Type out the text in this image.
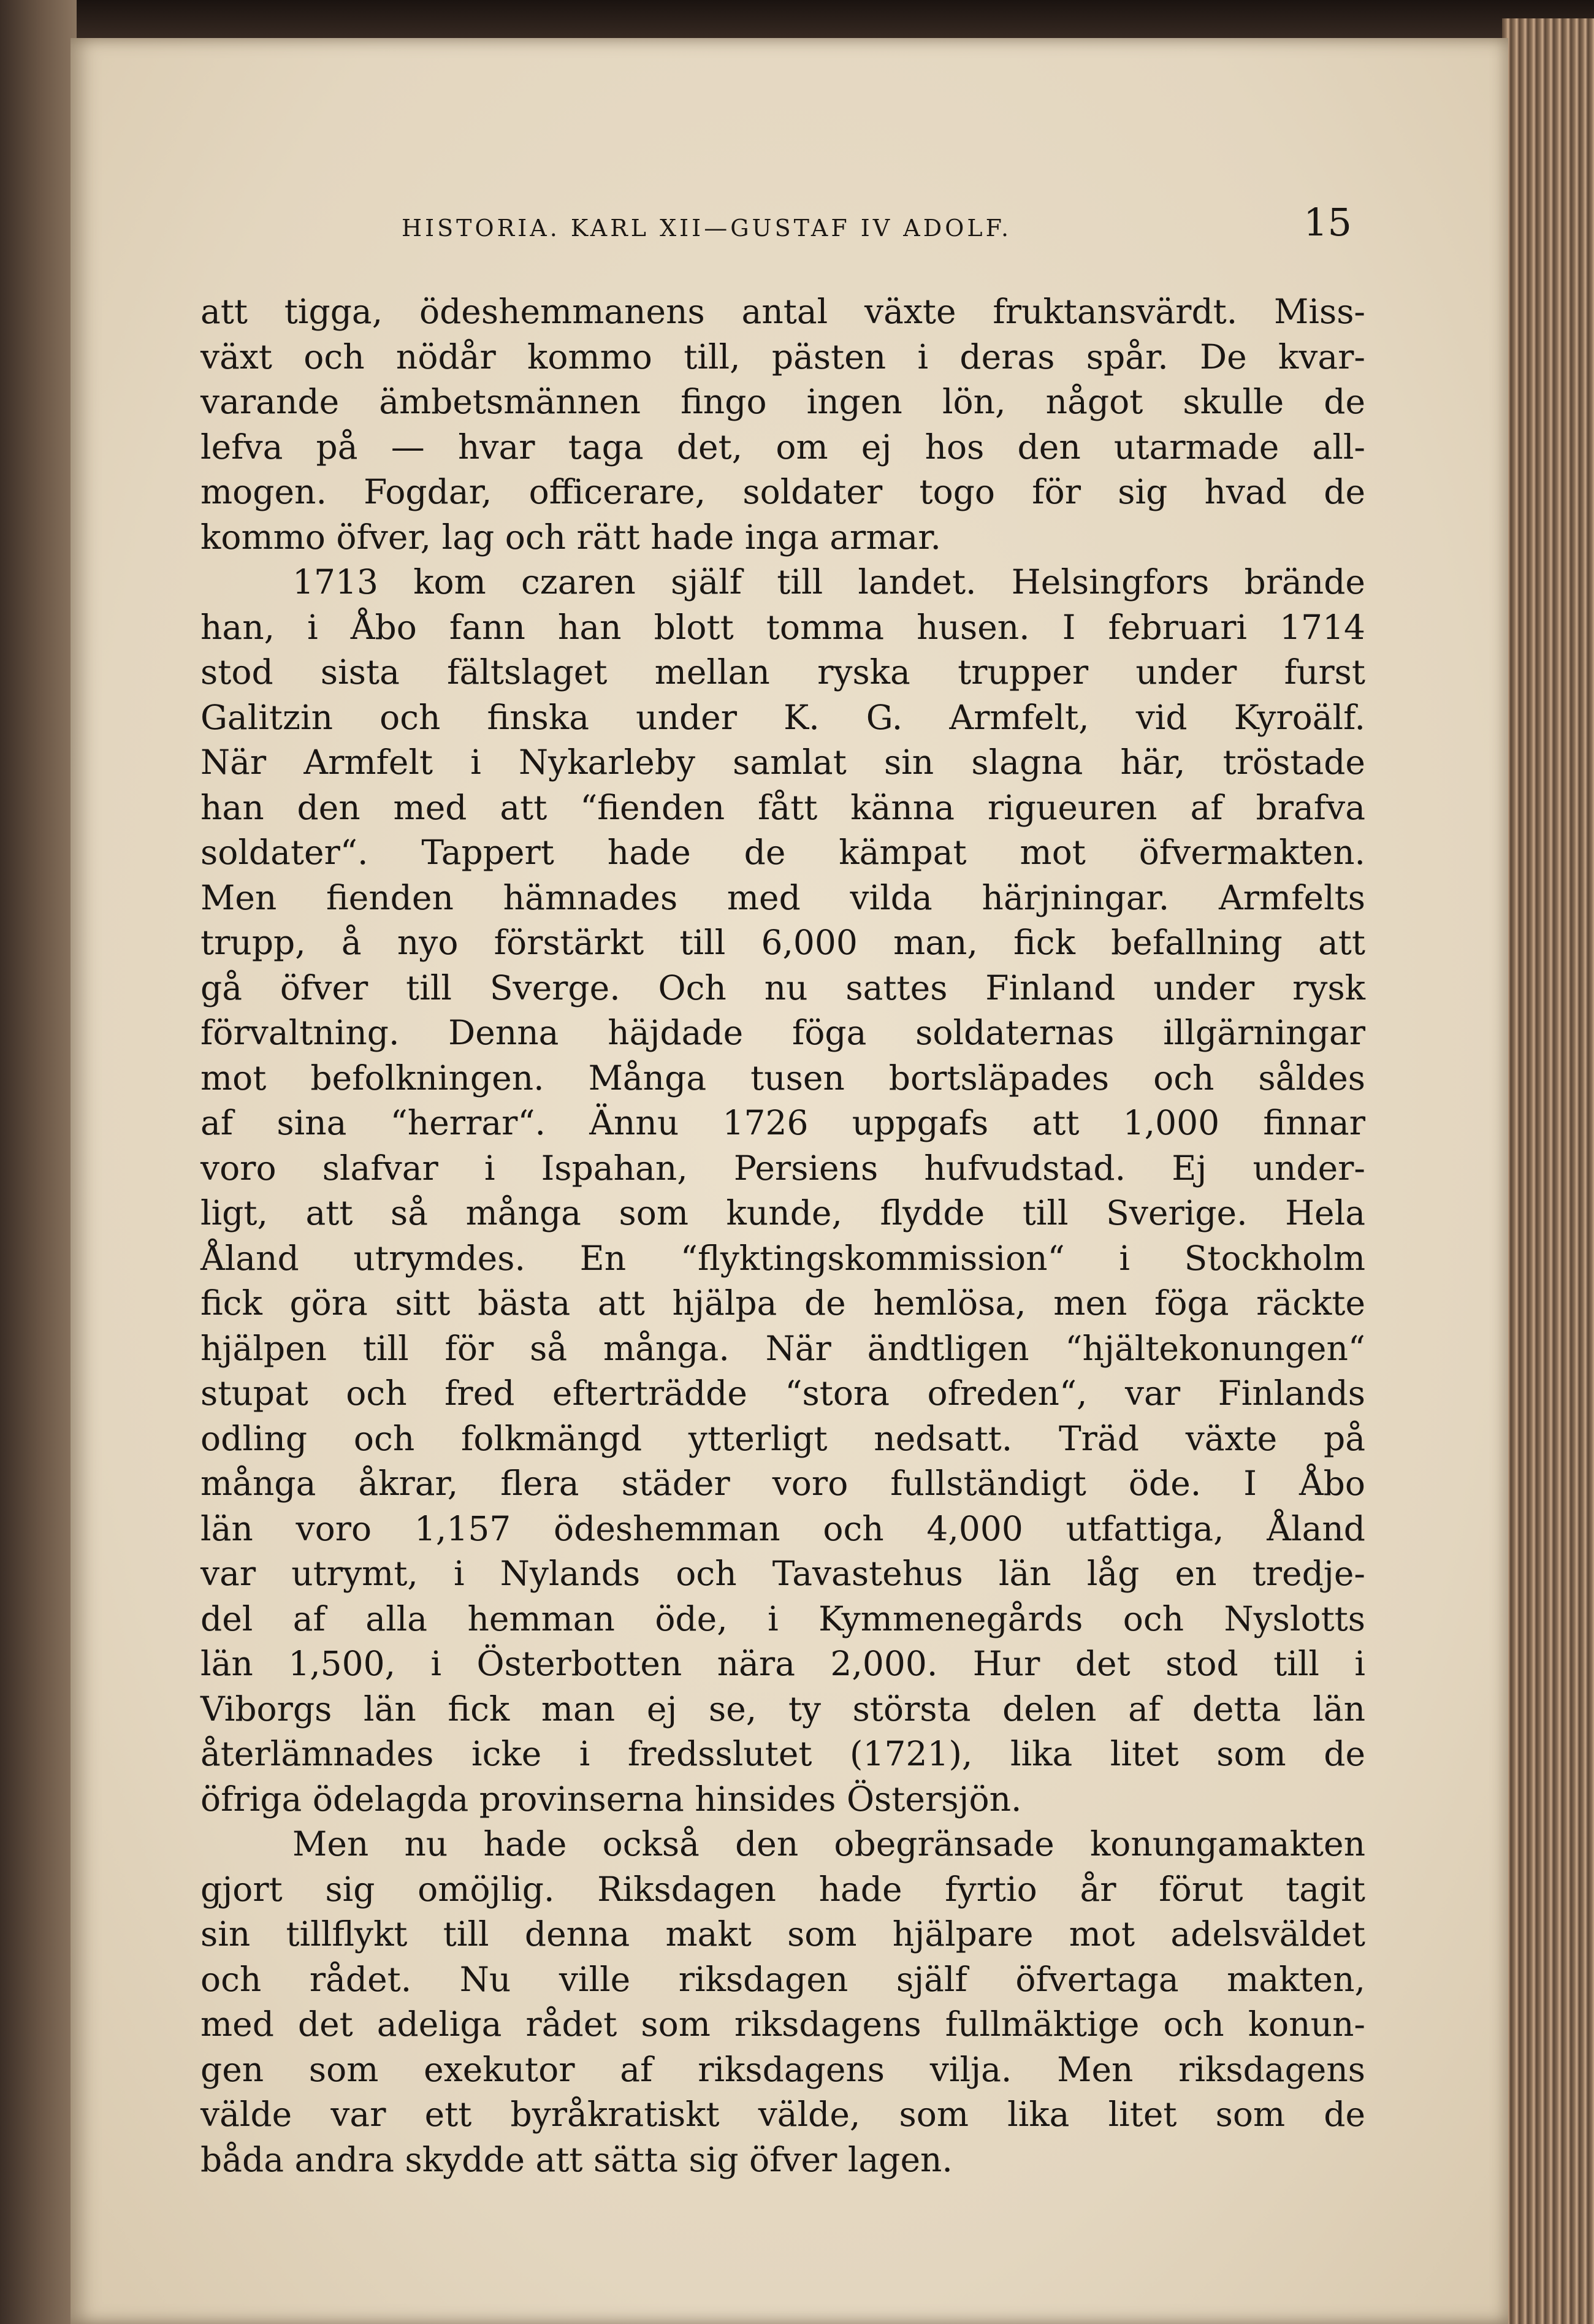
HISTORIA. KARL XII—GUSTAF IV ADOLF.	15

att tigga, ödeshemmanens antal växte fruktansvärdt. Miss-
växt och nödår kommo till, pästen i deras spår. De kvar-
varande ämbetsmännen fingo ingen lön, något skulle de
lefva på — hvar taga det, om ej hos den utarmade all-
mogen. Fogdar, officerare, soldater togo för sig hvad de
kommo öfver, lag och rätt hade inga armar.

1713 kom czaren själf till landet. Helsingfors brände
han, i Åbo fann han blott tomma husen. I februari 1714
stod sista fältslaget mellan ryska trupper under furst
Galitzin och finska under K. G. Armfelt, vid Kyroälf.
När Armfelt i Nykarleby samlat sin slagna här, tröstade
han den med att “fienden fått känna rigueuren af brafva
soldater“. Tappert hade de kämpat mot öfvermakten.
Men fienden hämnades med vilda härjningar. Armfelts
trupp, å nyo förstärkt till 6,000 man, fick befallning att
gå öfver till Sverge. Och nu sattes Finland under rysk
förvaltning. Denna häjdade föga soldaternas illgärningar
mot befolkningen. Många tusen bortsläpades och såldes
af sina “herrar“. Ännu 1726 uppgafs att 1,000 finnar
voro slafvar i Ispahan, Persiens hufvudstad. Ej under-
ligt, att så många som kunde, flydde till Sverige. Hela
Åland utrymdes. En “flyktingskommission“ i Stockholm
fick göra sitt bästa att hjälpa de hemlösa, men föga räckte
hjälpen till för så många. När ändtligen “hjältekonungen“
stupat och fred efterträdde “stora ofreden“, var Finlands
odling och folkmängd ytterligt nedsatt. Träd växte på
många åkrar, flera städer voro fullständigt öde. I Åbo
län voro 1,157 ödeshemman och 4,000 utfattiga, Åland
var utrymt, i Nylands och Tavastehus län låg en tredje-
del af alla hemman öde, i Kymmenegårds och Nyslotts
län 1,500, i Österbotten nära 2,000. Hur det stod till i
Viborgs län fick man ej se, ty största delen af detta län
återlämnades icke i fredsslutet (1721), lika litet som de
öfriga ödelagda provinserna hinsides Östersjön.

Men nu hade också den obegränsade konungamakten
gjort sig omöjlig. Riksdagen hade fyrtio år förut tagit
sin tillflykt till denna makt som hjälpare mot adelsväldet
och rådet. Nu ville riksdagen själf öfvertaga makten,
med det adeliga rådet som riksdagens fullmäktige och konun-
gen som exekutor af riksdagens vilja. Men riksdagens
välde var ett byråkratiskt välde, som lika litet som de
båda andra skydde att sätta sig öfver lagen.
